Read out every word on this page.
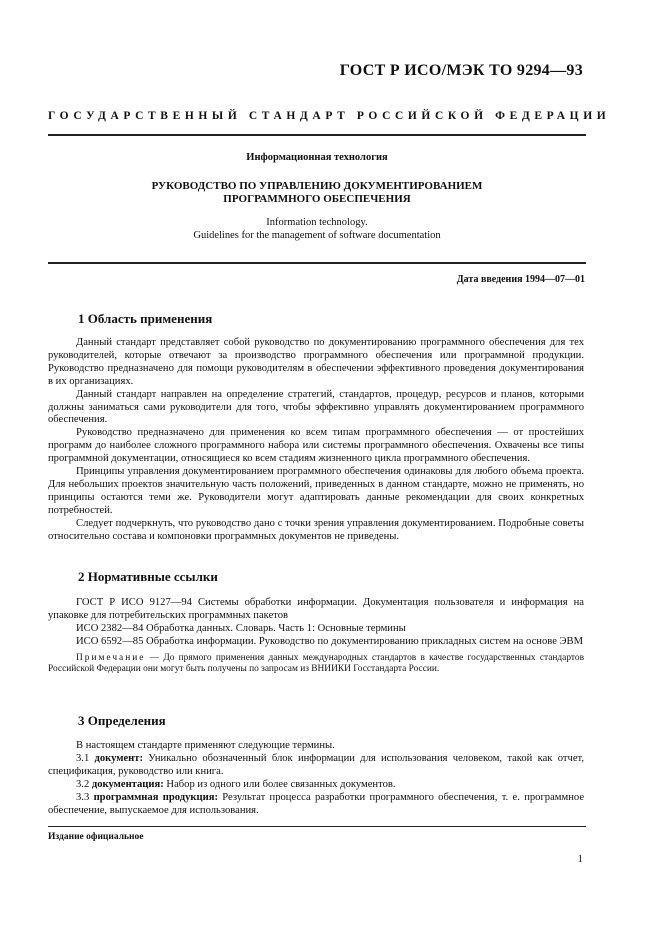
ГОСТ Р ИСО/МЭК ТО 9294—93
ГОСУДАРСТВЕННЫЙ СТАНДАРТ РОССИЙСКОЙ ФЕДЕРАЦИИ
Информационная технология
РУКОВОДСТВО ПО УПРАВЛЕНИЮ ДОКУМЕНТИРОВАНИЕМ
ПРОГРАММНОГО ОБЕСПЕЧЕНИЯ
Information technology.
Guidelines for the management of software documentation
Дата введения 1994—07—01
1 Область применения

Данный стандарт представляет собой руководство по документированию программного обеспечения для тех руководителей, которые отвечают за производство программного обеспечения или программной продукции. Руководство предназначено для помощи руководителям в обеспечении эффективного проведения документирования в их организациях.

Данный стандарт направлен на определение стратегий, стандартов, процедур, ресурсов и планов, которыми должны заниматься сами руководители для того, чтобы эффективно управлять документированием программного обеспечения.

Руководство предназначено для применения ко всем типам программного обеспечения — от простейших программ до наиболее сложного программного набора или системы программного обеспечения. Охвачены все типы программной документации, относящиеся ко всем стадиям жизненного цикла программного обеспечения.

Принципы управления документированием программного обеспечения одинаковы для любого объема проекта. Для небольших проектов значительную часть положений, приведенных в данном стандарте, можно не применять, но принципы остаются теми же. Руководители могут адаптировать данные рекомендации для своих конкретных потребностей.

Следует подчеркнуть, что руководство дано с точки зрения управления документированием. Подробные советы относительно состава и компоновки программных документов не приведены.

2 Нормативные ссылки

ГОСТ Р ИСО 9127—94 Системы обработки информации. Документация пользователя и информация на упаковке для потребительских программных пакетов

ИСО 2382—84 Обработка данных. Словарь. Часть 1: Основные термины

ИСО 6592—85 Обработка информации. Руководство по документированию прикладных систем на основе ЭВМ

Примечание — До прямого применения данных международных стандартов в качестве государственных стандартов Российской Федерации они могут быть получены по запросам из ВНИИКИ Госстандарта России.

3 Определения

В настоящем стандарте применяют следующие термины.

3.1 документ: Уникально обозначенный блок информации для использования человеком, такой как отчет, спецификация, руководство или книга.

3.2 документация: Набор из одного или более связанных документов.

3.3 программная продукция: Результат процесса разработки программного обеспечения, т. е. программное обеспечение, выпускаемое для использования.

Издание официальное
1
